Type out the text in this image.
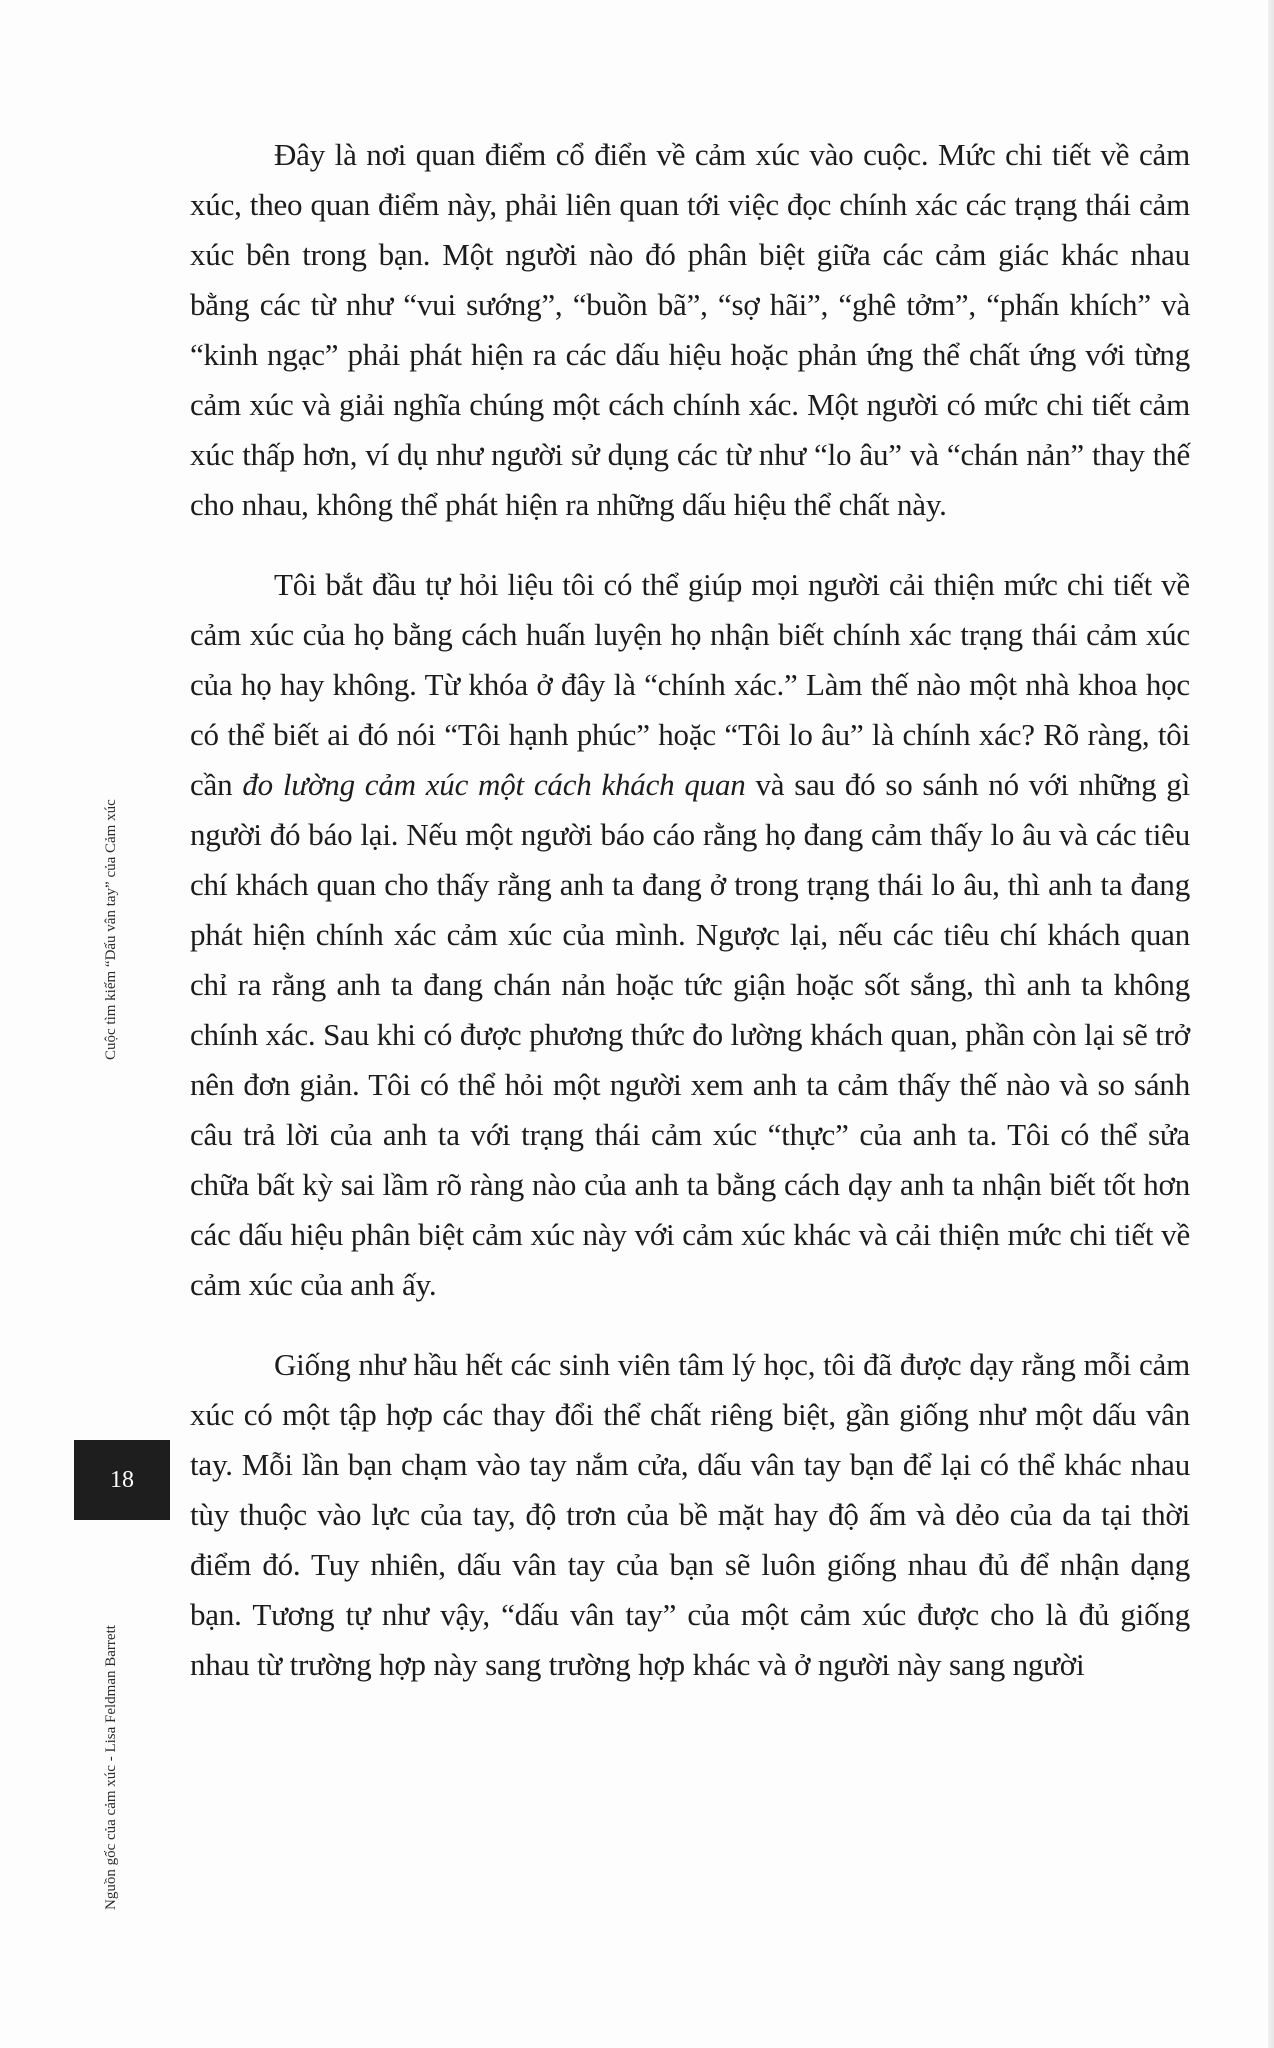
Đây là nơi quan điểm cổ điển về cảm xúc vào cuộc. Mức chi tiết về cảm xúc, theo quan điểm này, phải liên quan tới việc đọc chính xác các trạng thái cảm xúc bên trong bạn. Một người nào đó phân biệt giữa các cảm giác khác nhau bằng các từ như “vui sướng”, “buồn bã”, “sợ hãi”, “ghê tởm”, “phấn khích” và “kinh ngạc” phải phát hiện ra các dấu hiệu hoặc phản ứng thể chất ứng với từng cảm xúc và giải nghĩa chúng một cách chính xác. Một người có mức chi tiết cảm xúc thấp hơn, ví dụ như người sử dụng các từ như “lo âu” và “chán nản” thay thế cho nhau, không thể phát hiện ra những dấu hiệu thể chất này.

Tôi bắt đầu tự hỏi liệu tôi có thể giúp mọi người cải thiện mức chi tiết về cảm xúc của họ bằng cách huấn luyện họ nhận biết chính xác trạng thái cảm xúc của họ hay không. Từ khóa ở đây là “chính xác.” Làm thế nào một nhà khoa học có thể biết ai đó nói “Tôi hạnh phúc” hoặc “Tôi lo âu” là chính xác? Rõ ràng, tôi cần đo lường cảm xúc một cách khách quan và sau đó so sánh nó với những gì người đó báo lại. Nếu một người báo cáo rằng họ đang cảm thấy lo âu và các tiêu chí khách quan cho thấy rằng anh ta đang ở trong trạng thái lo âu, thì anh ta đang phát hiện chính xác cảm xúc của mình. Ngược lại, nếu các tiêu chí khách quan chỉ ra rằng anh ta đang chán nản hoặc tức giận hoặc sốt sắng, thì anh ta không chính xác. Sau khi có được phương thức đo lường khách quan, phần còn lại sẽ trở nên đơn giản. Tôi có thể hỏi một người xem anh ta cảm thấy thế nào và so sánh câu trả lời của anh ta với trạng thái cảm xúc “thực” của anh ta. Tôi có thể sửa chữa bất kỳ sai lầm rõ ràng nào của anh ta bằng cách dạy anh ta nhận biết tốt hơn các dấu hiệu phân biệt cảm xúc này với cảm xúc khác và cải thiện mức chi tiết về cảm xúc của anh ấy.

Giống như hầu hết các sinh viên tâm lý học, tôi đã được dạy rằng mỗi cảm xúc có một tập hợp các thay đổi thể chất riêng biệt, gần giống như một dấu vân tay. Mỗi lần bạn chạm vào tay nắm cửa, dấu vân tay bạn để lại có thể khác nhau tùy thuộc vào lực của tay, độ trơn của bề mặt hay độ ấm và dẻo của da tại thời điểm đó. Tuy nhiên, dấu vân tay của bạn sẽ luôn giống nhau đủ để nhận dạng bạn. Tương tự như vậy, “dấu vân tay” của một cảm xúc được cho là đủ giống nhau từ trường hợp này sang trường hợp khác và ở người này sang người

Cuộc tìm kiếm “Dấu vân tay” của Cảm xúc
18
Nguồn gốc của cảm xúc - Lisa Feldman Barrett
